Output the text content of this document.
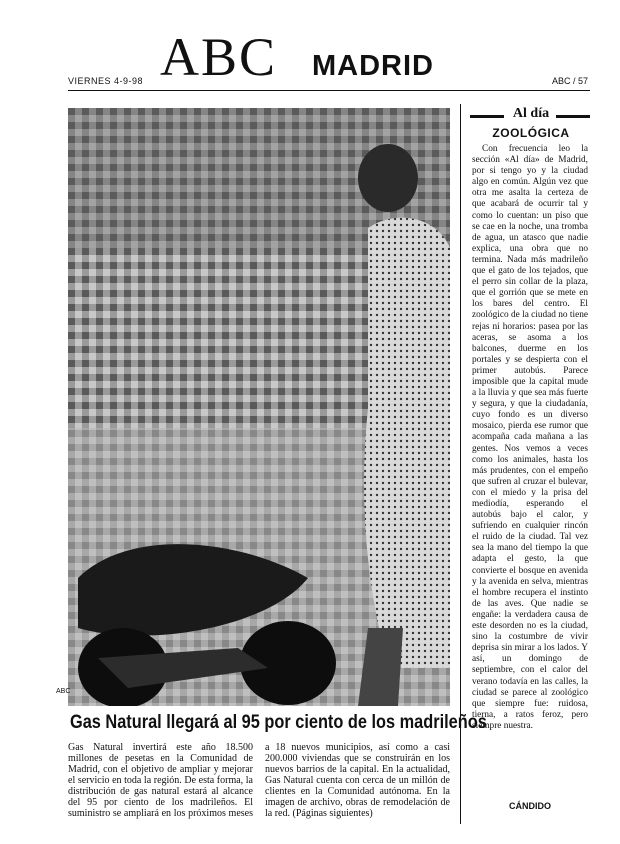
VIERNES 4-9-98 ABC MADRID	ABC / 57
ABC
Gas Natural llegará al 95 por ciento de los madrileños
Gas Natural invertirá este año 18.500 millones de pesetas en la Comunidad de Madrid, con el objetivo de ampliar y mejorar el servicio en toda la región. De esta forma, la distribución de gas natural estará al alcance del 95 por ciento de los madrileños. El suministro se ampliará en los próximos meses a 18 nuevos municipios, así como a casi 200.000 viviendas que se construirán en los nuevos barrios de la capital. En la actualidad, Gas Natural cuenta con cerca de un millón de clientes en la Comunidad autónoma. En la imagen de archivo, obras de remodelación de la red. (Páginas siguientes)
Al día
ZOOLÓGICA
Con frecuencia leo la sección «Al día» de Madrid, por si tengo yo y la ciudad algo en común. Algún vez que otra me asalta la certeza de que acabará de ocurrir tal y como lo cuentan: un piso que se cae en la noche, una tromba de agua, un atasco que nadie explica, una obra que no termina. Nada más madrileño que el gato de los tejados, que el perro sin collar de la plaza, que el gorrión que se mete en los bares del centro. El zoológico de la ciudad no tiene rejas ni horarios: pasea por las aceras, se asoma a los balcones, duerme en los portales y se despierta con el primer autobús. Parece imposible que la capital mude a la lluvia y que sea más fuerte y segura, y que la ciudadanía, cuyo fondo es un diverso mosaico, pierda ese rumor que acompaña cada mañana a las gentes. Nos vemos a veces como los animales, hasta los más prudentes, con el empeño que sufren al cruzar el bulevar, con el miedo y la prisa del mediodía, esperando el autobús bajo el calor, y sufriendo en cualquier rincón el ruido de la ciudad. Tal vez sea la mano del tiempo la que adapta el gesto, la que convierte el bosque en avenida y la avenida en selva, mientras el hombre recupera el instinto de las aves. Que nadie se engañe: la verdadera causa de este desorden no es la ciudad, sino la costumbre de vivir deprisa sin mirar a los lados. Y así, un domingo de septiembre, con el calor del verano todavía en las calles, la ciudad se parece al zoológico que siempre fue: ruidosa, tierna, a ratos feroz, pero siempre nuestra.
CÁNDIDO
